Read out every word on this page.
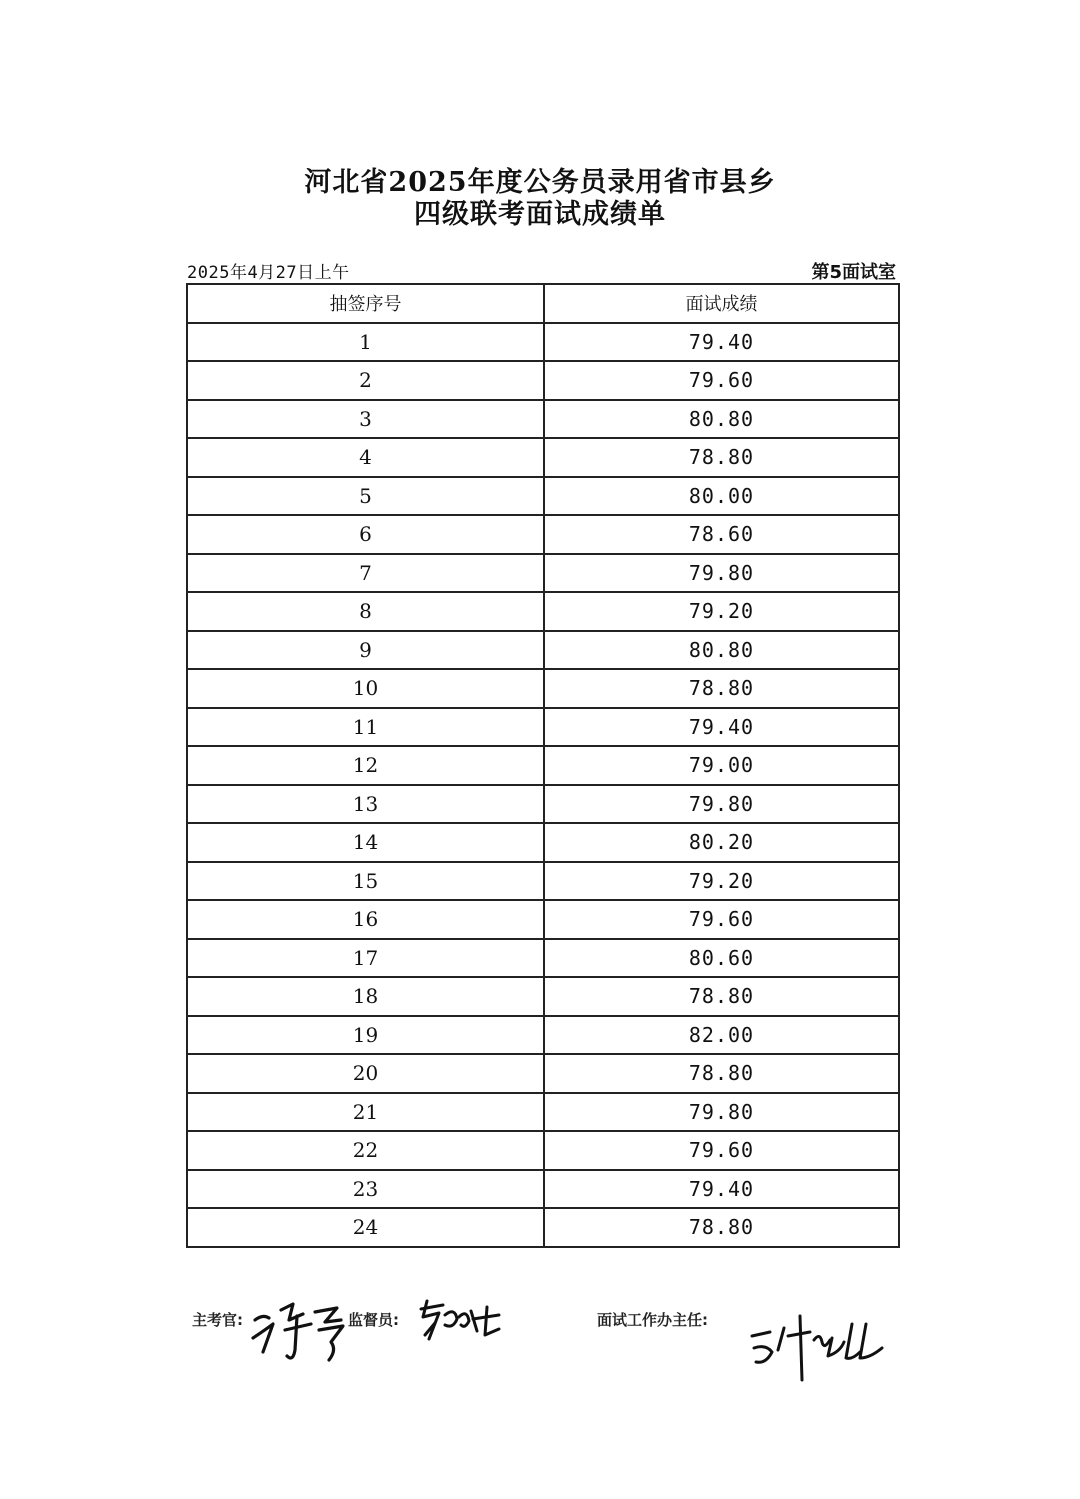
河北省2025年度公务员录用省市县乡
四级联考面试成绩单
2025年4月27日上午	第5面试室
抽签序号	面试成绩
1	79.40
2	79.60
3	80.80
4	78.80
5	80.00
6	78.60
7	79.80
8	79.20
9	80.80
10	78.80
11	79.40
12	79.00
13	79.80
14	80.20
15	79.20
16	79.60
17	80.60
18	78.80
19	82.00
20	78.80
21	79.80
22	79.60
23	79.40
24	78.80
主考官:	监督员:	面试工作办主任:
